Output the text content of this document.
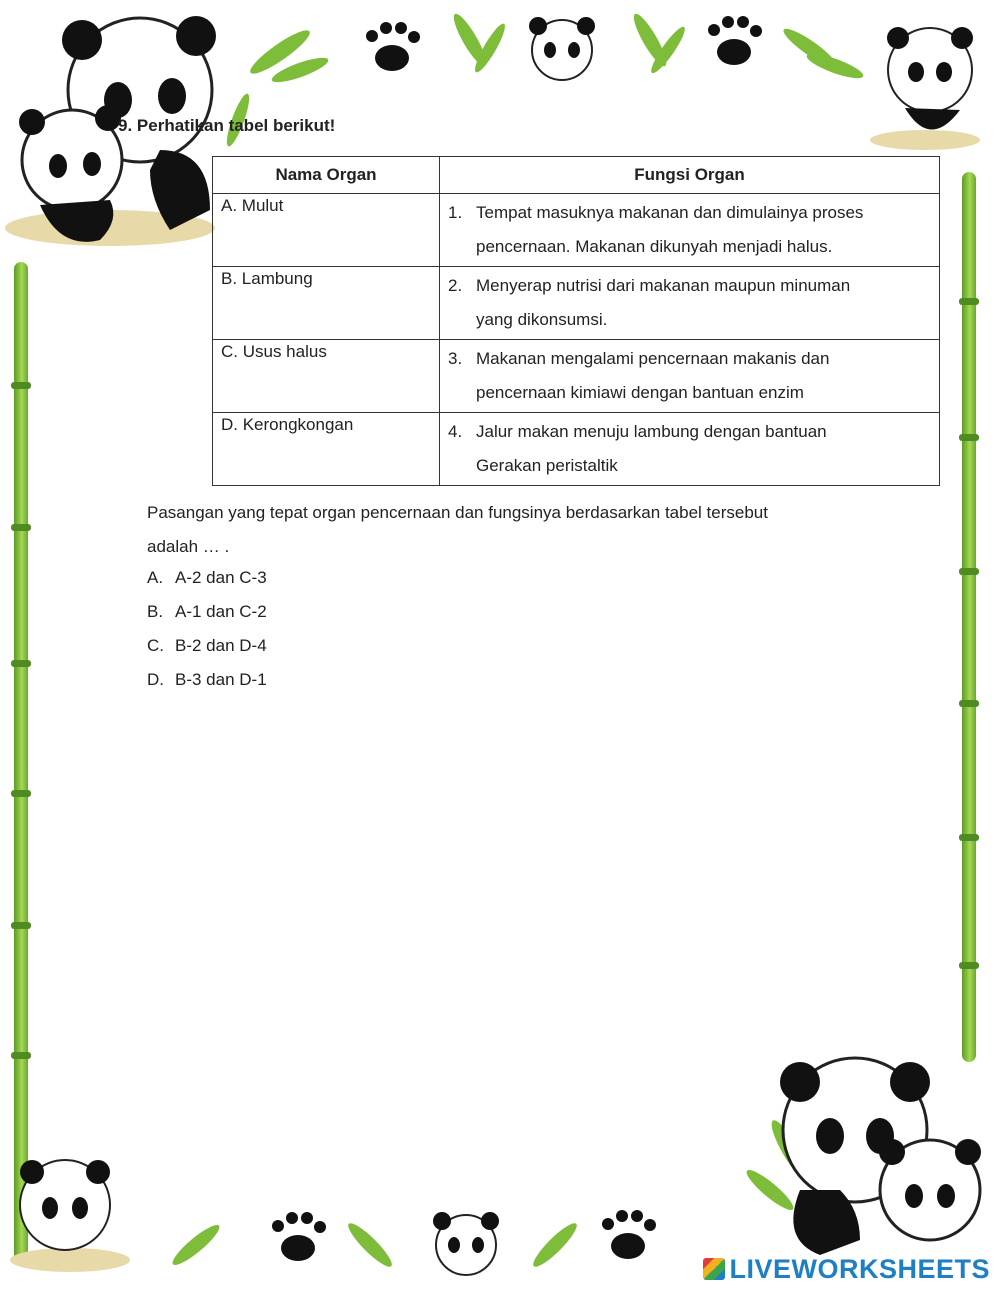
9. Perhatikan tabel berikut!
Nama Organ	Fungsi Organ
A. Mulut	1. Tempat masuknya makanan dan dimulainya proses
pencernaan. Makanan dikunyah menjadi halus.

B. Lambung	2. Menyerap nutrisi dari makanan maupun minuman
yang dikonsumsi.

C. Usus halus	3. Makanan mengalami pencernaan makanis dan
pencernaan kimiawi dengan bantuan enzim

D. Kerongkongan	4. Jalur makan menuju lambung dengan bantuan
Gerakan peristaltik
Pasangan yang tepat organ pencernaan dan fungsinya berdasarkan tabel tersebut
adalah … .
A. A-2 dan C-3
B. A-1 dan C-2
C. B-2 dan D-4
D. B-3 dan D-1
LIVEWORKSHEETS
